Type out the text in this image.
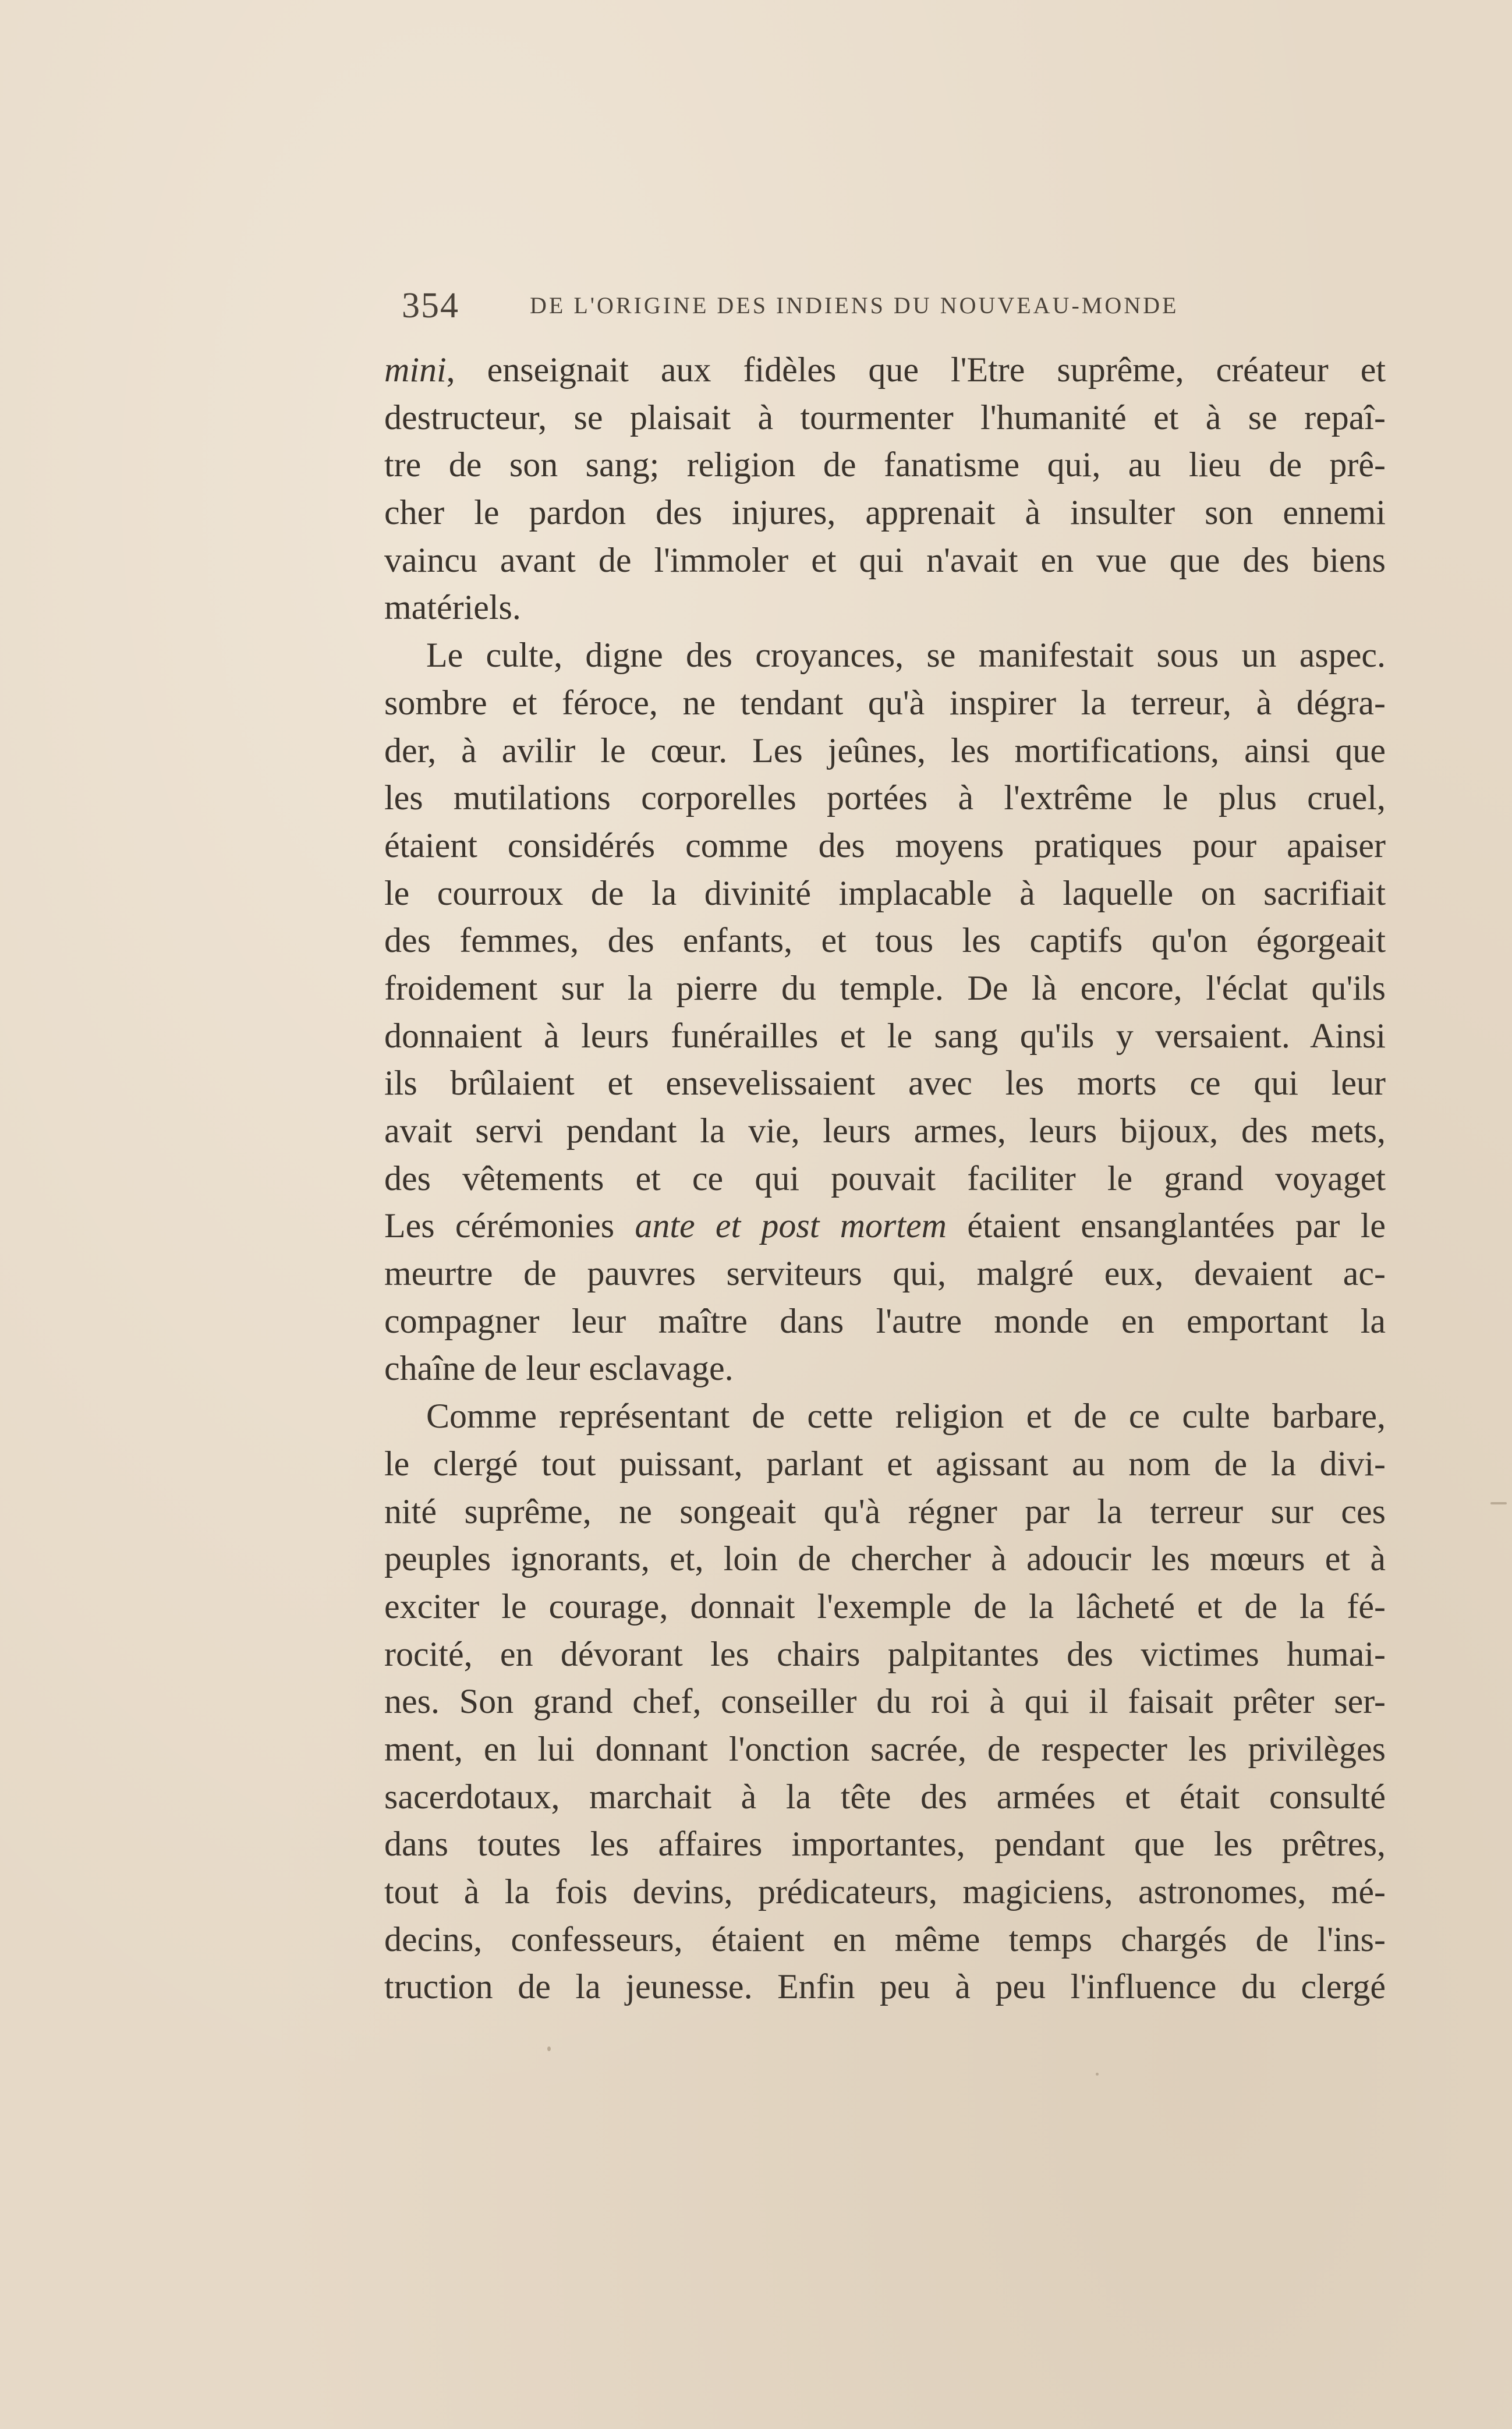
354	DE L'ORIGINE DES INDIENS DU NOUVEAU-MONDE
mini, enseignait aux fidèles que l'Etre suprême, créateur et
destructeur, se plaisait à tourmenter l'humanité et à se repaî-
tre de son sang; religion de fanatisme qui, au lieu de prê-
cher le pardon des injures, apprenait à insulter son ennemi
vaincu avant de l'immoler et qui n'avait en vue que des biens
matériels.
Le culte, digne des croyances, se manifestait sous un aspec.
sombre et féroce, ne tendant qu'à inspirer la terreur, à dégra-
der, à avilir le cœur. Les jeûnes, les mortifications, ainsi que
les mutilations corporelles portées à l'extrême le plus cruel,
étaient considérés comme des moyens pratiques pour apaiser
le courroux de la divinité implacable à laquelle on sacrifiait
des femmes, des enfants, et tous les captifs qu'on égorgeait
froidement sur la pierre du temple. De là encore, l'éclat qu'ils
donnaient à leurs funérailles et le sang qu'ils y versaient. Ainsi
ils brûlaient et ensevelissaient avec les morts ce qui leur
avait servi pendant la vie, leurs armes, leurs bijoux, des mets,
des vêtements et ce qui pouvait faciliter le grand voyaget
Les cérémonies ante et post mortem étaient ensanglantées par le
meurtre de pauvres serviteurs qui, malgré eux, devaient ac-
compagner leur maître dans l'autre monde en emportant la
chaîne de leur esclavage.
Comme représentant de cette religion et de ce culte barbare,
le clergé tout puissant, parlant et agissant au nom de la divi-
nité suprême, ne songeait qu'à régner par la terreur sur ces
peuples ignorants, et, loin de chercher à adoucir les mœurs et à
exciter le courage, donnait l'exemple de la lâcheté et de la fé-
rocité, en dévorant les chairs palpitantes des victimes humai-
nes. Son grand chef, conseiller du roi à qui il faisait prêter ser-
ment, en lui donnant l'onction sacrée, de respecter les privilèges
sacerdotaux, marchait à la tête des armées et était consulté
dans toutes les affaires importantes, pendant que les prêtres,
tout à la fois devins, prédicateurs, magiciens, astronomes, mé-
decins, confesseurs, étaient en même temps chargés de l'ins-
truction de la jeunesse. Enfin peu à peu l'influence du clergé
